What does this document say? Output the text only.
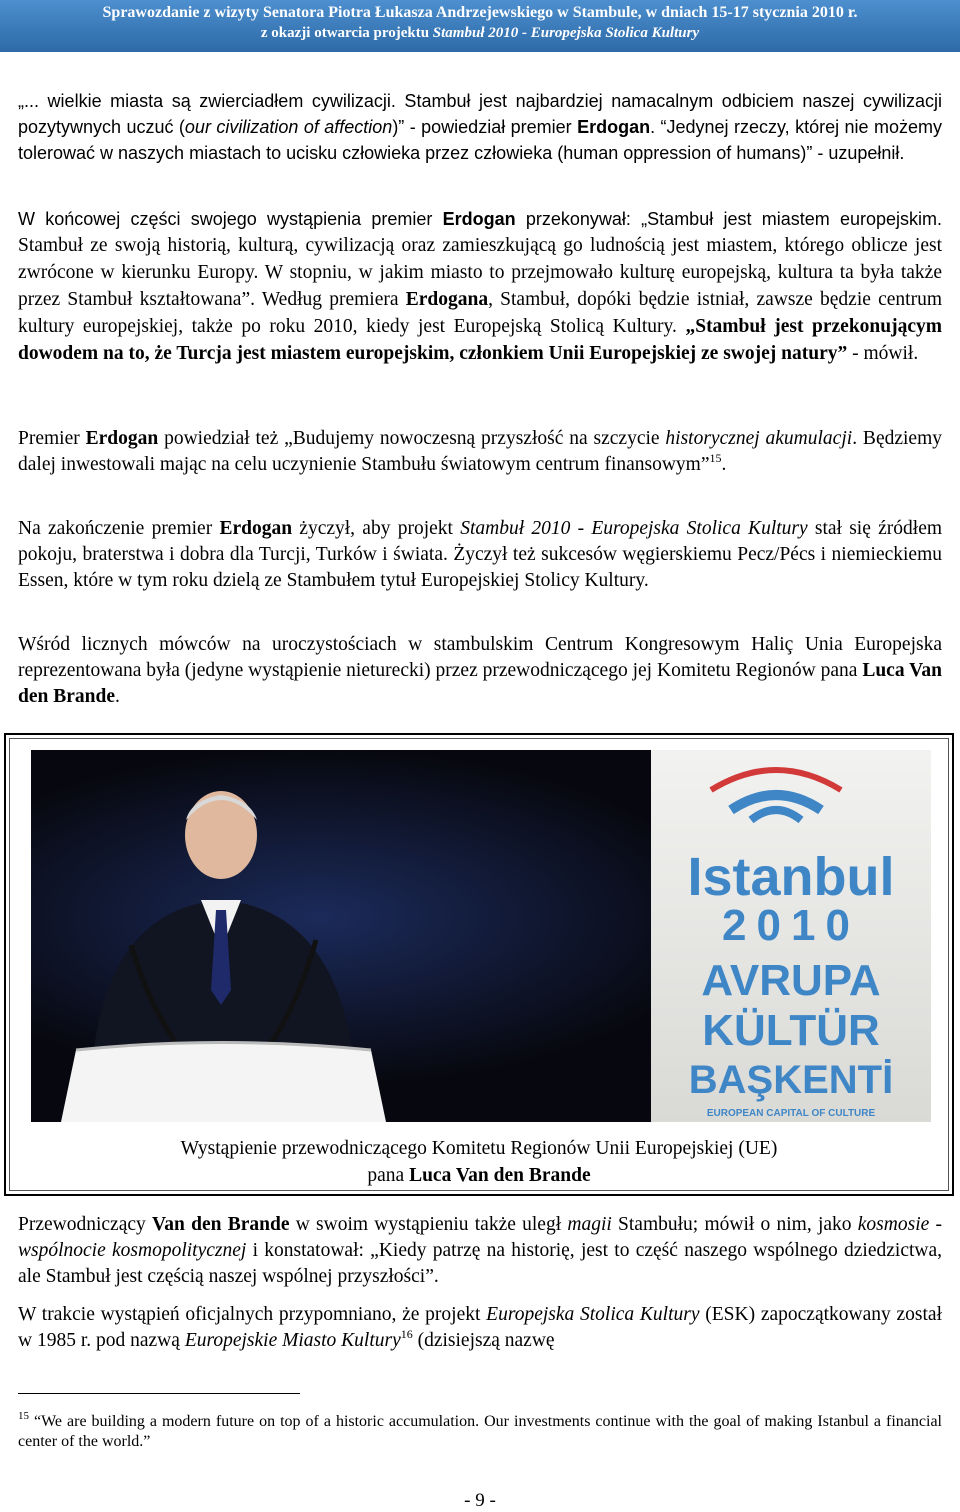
Sprawozdanie z wizyty Senatora Piotra Łukasza Andrzejewskiego w Stambule, w dniach 15-17 stycznia 2010 r.
z okazji otwarcia projektu Stambuł 2010 - Europejska Stolica Kultury

„... wielkie miasta są zwierciadłem cywilizacji. Stambuł jest najbardziej namacalnym odbiciem naszej cywilizacji pozytywnych uczuć (our civilization of affection)” - powiedział premier Erdogan. “Jedynej rzeczy, której nie możemy tolerować w naszych miastach to ucisku człowieka przez człowieka (human oppression of humans)” - uzupełnił.

W końcowej części swojego wystąpienia premier Erdogan przekonywał: „Stambuł jest miastem europejskim. Stambuł ze swoją historią, kulturą, cywilizacją oraz zamieszkującą go ludnością jest miastem, którego oblicze jest zwrócone w kierunku Europy. W stopniu, w jakim miasto to przejmowało kulturę europejską, kultura ta była także przez Stambuł kształtowana”. Według premiera Erdogana, Stambuł, dopóki będzie istniał, zawsze będzie centrum kultury europejskiej, także po roku 2010, kiedy jest Europejską Stolicą Kultury. „Stambuł jest przekonującym dowodem na to, że Turcja jest miastem europejskim, członkiem Unii Europejskiej ze swojej natury” - mówił.

Premier Erdogan powiedział też „Budujemy nowoczesną przyszłość na szczycie historycznej akumulacji. Będziemy dalej inwestowali mając na celu uczynienie Stambułu światowym centrum finansowym”$^{15}$.

Na zakończenie premier Erdogan życzył, aby projekt Stambuł 2010 - Europejska Stolica Kultury stał się źródłem pokoju, braterstwa i dobra dla Turcji, Turków i świata. Życzył też sukcesów węgierskiemu Pecz/Pécs i niemieckiemu Essen, które w tym roku dzielą ze Stambułem tytuł Europejskiej Stolicy Kultury.

Wśród licznych mówców na uroczystościach w stambulskim Centrum Kongresowym Haliç Unia Europejska reprezentowana była (jedyne wystąpienie nieturecki) przez przewodniczącego jej Komitetu Regionów pana Luca Van den Brande.

Istanbul
2010
AVRUPA
KÜLTÜR
BAŞKENTİ
EUROPEAN CAPITAL OF CULTURE
Wystąpienie przewodniczącego Komitetu Regionów Unii Europejskiej (UE)
pana Luca Van den Brande

Przewodniczący Van den Brande w swoim wystąpieniu także uległ magii Stambułu; mówił o nim, jako kosmosie - wspólnocie kosmopolitycznej i konstatował: „Kiedy patrzę na historię, jest to część naszego wspólnego dziedzictwa, ale Stambuł jest częścią naszej wspólnej przyszłości”.

W trakcie wystąpień oficjalnych przypomniano, że projekt Europejska Stolica Kultury (ESK) zapoczątkowany został w 1985 r. pod nazwą Europejskie Miasto Kultury$^{16}$ (dzisiejszą nazwę

$^{15}$ “We are building a modern future on top of a historic accumulation. Our investments continue with the goal of making Istanbul a financial center of the world.”

- 9 -
